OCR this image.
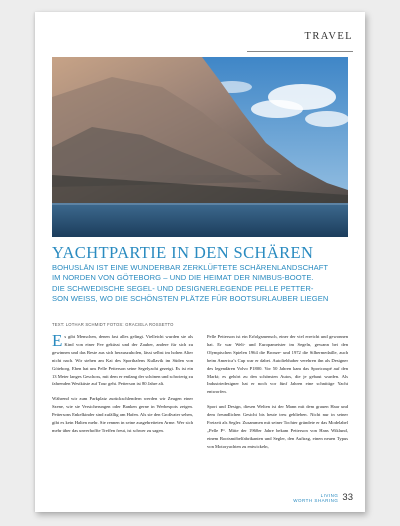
TRAVEL
YACHTPARTIE IN DEN SCHÄREN
BOHUSLÄN IST EINE WUNDERBAR ZERKLÜFTETE SCHÄRENLANDSCHAFT
IM NORDEN VON GÖTEBORG – UND DIE HEIMAT DER NIMBUS-BOOTE.
DIE SCHWEDISCHE SEGEL- UND DESIGNERLEGENDE PELLE PETTER-
SON WEISS, WO DIE SCHÖNSTEN PLÄTZE FÜR BOOTSURLAUBER LIEGEN
TEXT: LOTHAR SCHMIDT FOTOS: GRACIELA ROSSETTO

Es gibt Menschen, denen fast alles gelingt. Vielleicht wurden sie als Kind von einer Fee geküsst und der Zauber, andere für sich zu gewinnen und das Beste aus sich herauszuholen, lässt selbst im hohen Alter nicht nach. Wir stehen am Kai des Sporthafens Kullavik im Süden von Göteborg. Eben hat uns Pelle Petterson seine Segelyacht gezeigt. Es ist ein 13 Meter langes Geschoss, mit dem er entlang der schönen und schwierig zu fahrenden Westküste auf Tour geht. Petterson ist 80 Jahre alt.

Während wir zum Parkplatz zurückschlendern werden wir Zeugen einer Szene, wie sie Versicherungen oder Banken gerne in Werbespots zeigen. Pettersons Enkelkinder sind zufällig am Hafen. Als sie den Großvater sehen, gibt es kein Halten mehr. Sie rennen in seine ausgebreiteten Arme. Wer sich mehr über das unverhoffte Treffen freut, ist schwer zu sagen.

Pelle Petterson ist ein Erfolgsmensch, einer der viel erreicht und gewonnen hat. Er war Welt- und Europameister im Segeln, gewann bei den Olympischen Spielen 1964 die Bronze- und 1972 die Silbermedaille, auch beim America’s Cup war er dabei. Autoliebhaber verehren ihn als Designer des legendären Volvo P1800. Vor 50 Jahren kam das Sportcoupé auf den Markt; es gehört zu den schönsten Autos, die je gebaut wurden. Als Industriedesigner hat er noch vor fünf Jahren eine schnittige Yacht entworfen.

Sport und Design, diesen Welten ist der Mann mit dem grauen Haar und dem freundlichen Gesicht bis heute treu geblieben. Nicht nur in seiner Freizeit als Segler. Zusammen mit seiner Tochter gründete er das Modelabel „Pelle P“. Mitte der 1960er Jahre bekam Petterson von Hans Wiklund, einem Bootsmöbelfabrikanten und Segler, den Auftrag, einen neuen Typus von Motoryachten zu entwickeln,

LIVING
WORTH SHARING 33
